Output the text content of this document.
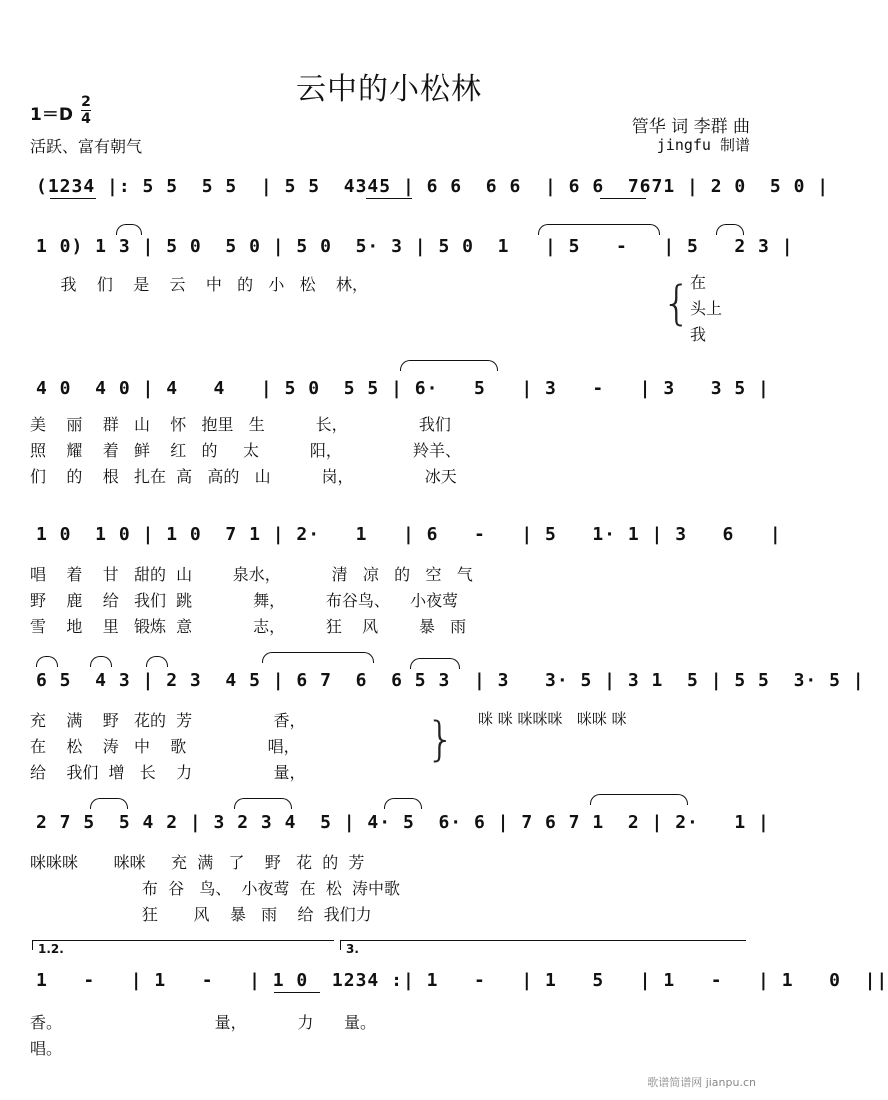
云中的小松林
1＝D
2
4
活跃、富有朝气
管华 词 李群 曲
jingfu 制谱
(1234 |: 5 5  5 5  | 5 5  4345 | 6 6  6 6  | 6 6  7671 | 2 0  5 0 |
1 0) 1 3 | 5 0  5 0 | 5 0  5· 3 | 5 0  1   | 5   -   | 5   2 3 |
我    们    是    云    中   的   小   松    林，	{
在
头上
我
4 0  4 0 | 4   4   | 5 0  5 5 | 6·   5   | 3   -   | 3   3 5 |
美    丽    群   山    怀   抱里   生          长，              我们
照    耀    着   鲜    红   的     太          阳，              羚羊、
们    的    根   扎在  高   高的   山          岗，              冰天
1 0  1 0 | 1 0  7 1 | 2·   1   | 6   -   | 5   1· 1 | 3   6   |
唱    着    甘   甜的  山        泉水，          清   凉   的   空   气
野    鹿    给   我们  跳            舞，        布谷鸟、    小夜莺
雪    地    里   锻炼  意            志，        狂    风        暴   雨
6 5  4 3 | 2 3  4 5 | 6 7  6  6 5 3  | 3   3· 5 | 3 1  5 | 5 5  3· 5 |
充    满    野   花的  芳                香，	咪 咪 咪咪咪   咪咪 咪
在    松    涛   中    歌                唱，
给    我们  增   长    力                量，
}
2 7 5  5 4 2 | 3 2 3 4  5 | 4· 5  6· 6 | 7 6 7 1  2 | 2·   1 |
咪咪咪       咪咪     充  满   了    野   花  的  芳
布  谷   鸟、  小夜莺  在  松  涛中歌
狂       风    暴   雨    给  我们力
1.2.	3.
1   -   | 1   -   | 1 0  1234 :| 1   -   | 1   5   | 1   -   | 1   0  ||
香。                              量，          力      量。
唱。
歌谱简谱网 jianpu.cn
